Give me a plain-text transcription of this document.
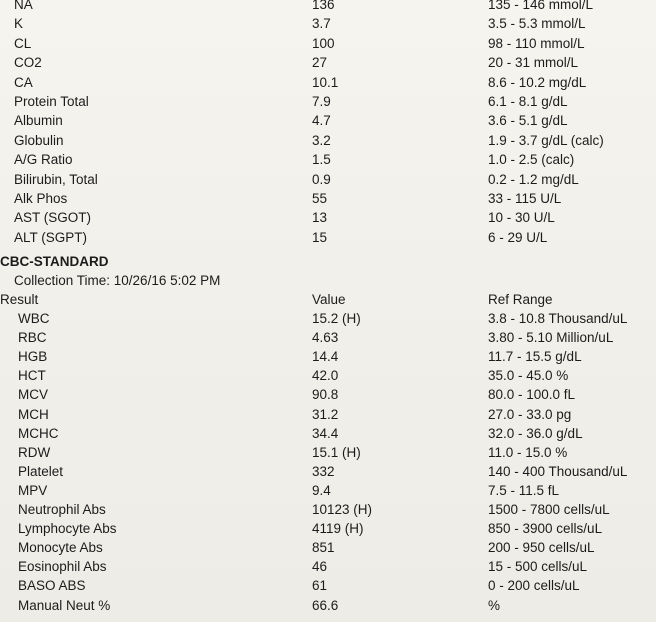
NA	136	135 - 146 mmol/L
K	3.7	3.5 - 5.3 mmol/L
CL	100	98 - 110 mmol/L
CO2	27	20 - 31 mmol/L
CA	10.1	8.6 - 10.2 mg/dL
Protein Total	7.9	6.1 - 8.1 g/dL
Albumin	4.7	3.6 - 5.1 g/dL
Globulin	3.2	1.9 - 3.7 g/dL (calc)
A/G Ratio	1.5	1.0 - 2.5 (calc)
Bilirubin, Total	0.9	0.2 - 1.2 mg/dL
Alk Phos	55	33 - 115 U/L
AST (SGOT)	13	10 - 30 U/L
ALT (SGPT)	15	6 - 29 U/L
CBC-STANDARD
Collection Time: 10/26/16 5:02 PM
Result	Value	Ref Range
WBC	15.2 (H)	3.8 - 10.8 Thousand/uL
RBC	4.63	3.80 - 5.10 Million/uL
HGB	14.4	11.7 - 15.5 g/dL
HCT	42.0	35.0 - 45.0 %
MCV	90.8	80.0 - 100.0 fL
MCH	31.2	27.0 - 33.0 pg
MCHC	34.4	32.0 - 36.0 g/dL
RDW	15.1 (H)	11.0 - 15.0 %
Platelet	332	140 - 400 Thousand/uL
MPV	9.4	7.5 - 11.5 fL
Neutrophil Abs	10123 (H)	1500 - 7800 cells/uL
Lymphocyte Abs	4119 (H)	850 - 3900 cells/uL
Monocyte Abs	851	200 - 950 cells/uL
Eosinophil Abs	46	15 - 500 cells/uL
BASO ABS	61	0 - 200 cells/uL
Manual Neut %	66.6	%
